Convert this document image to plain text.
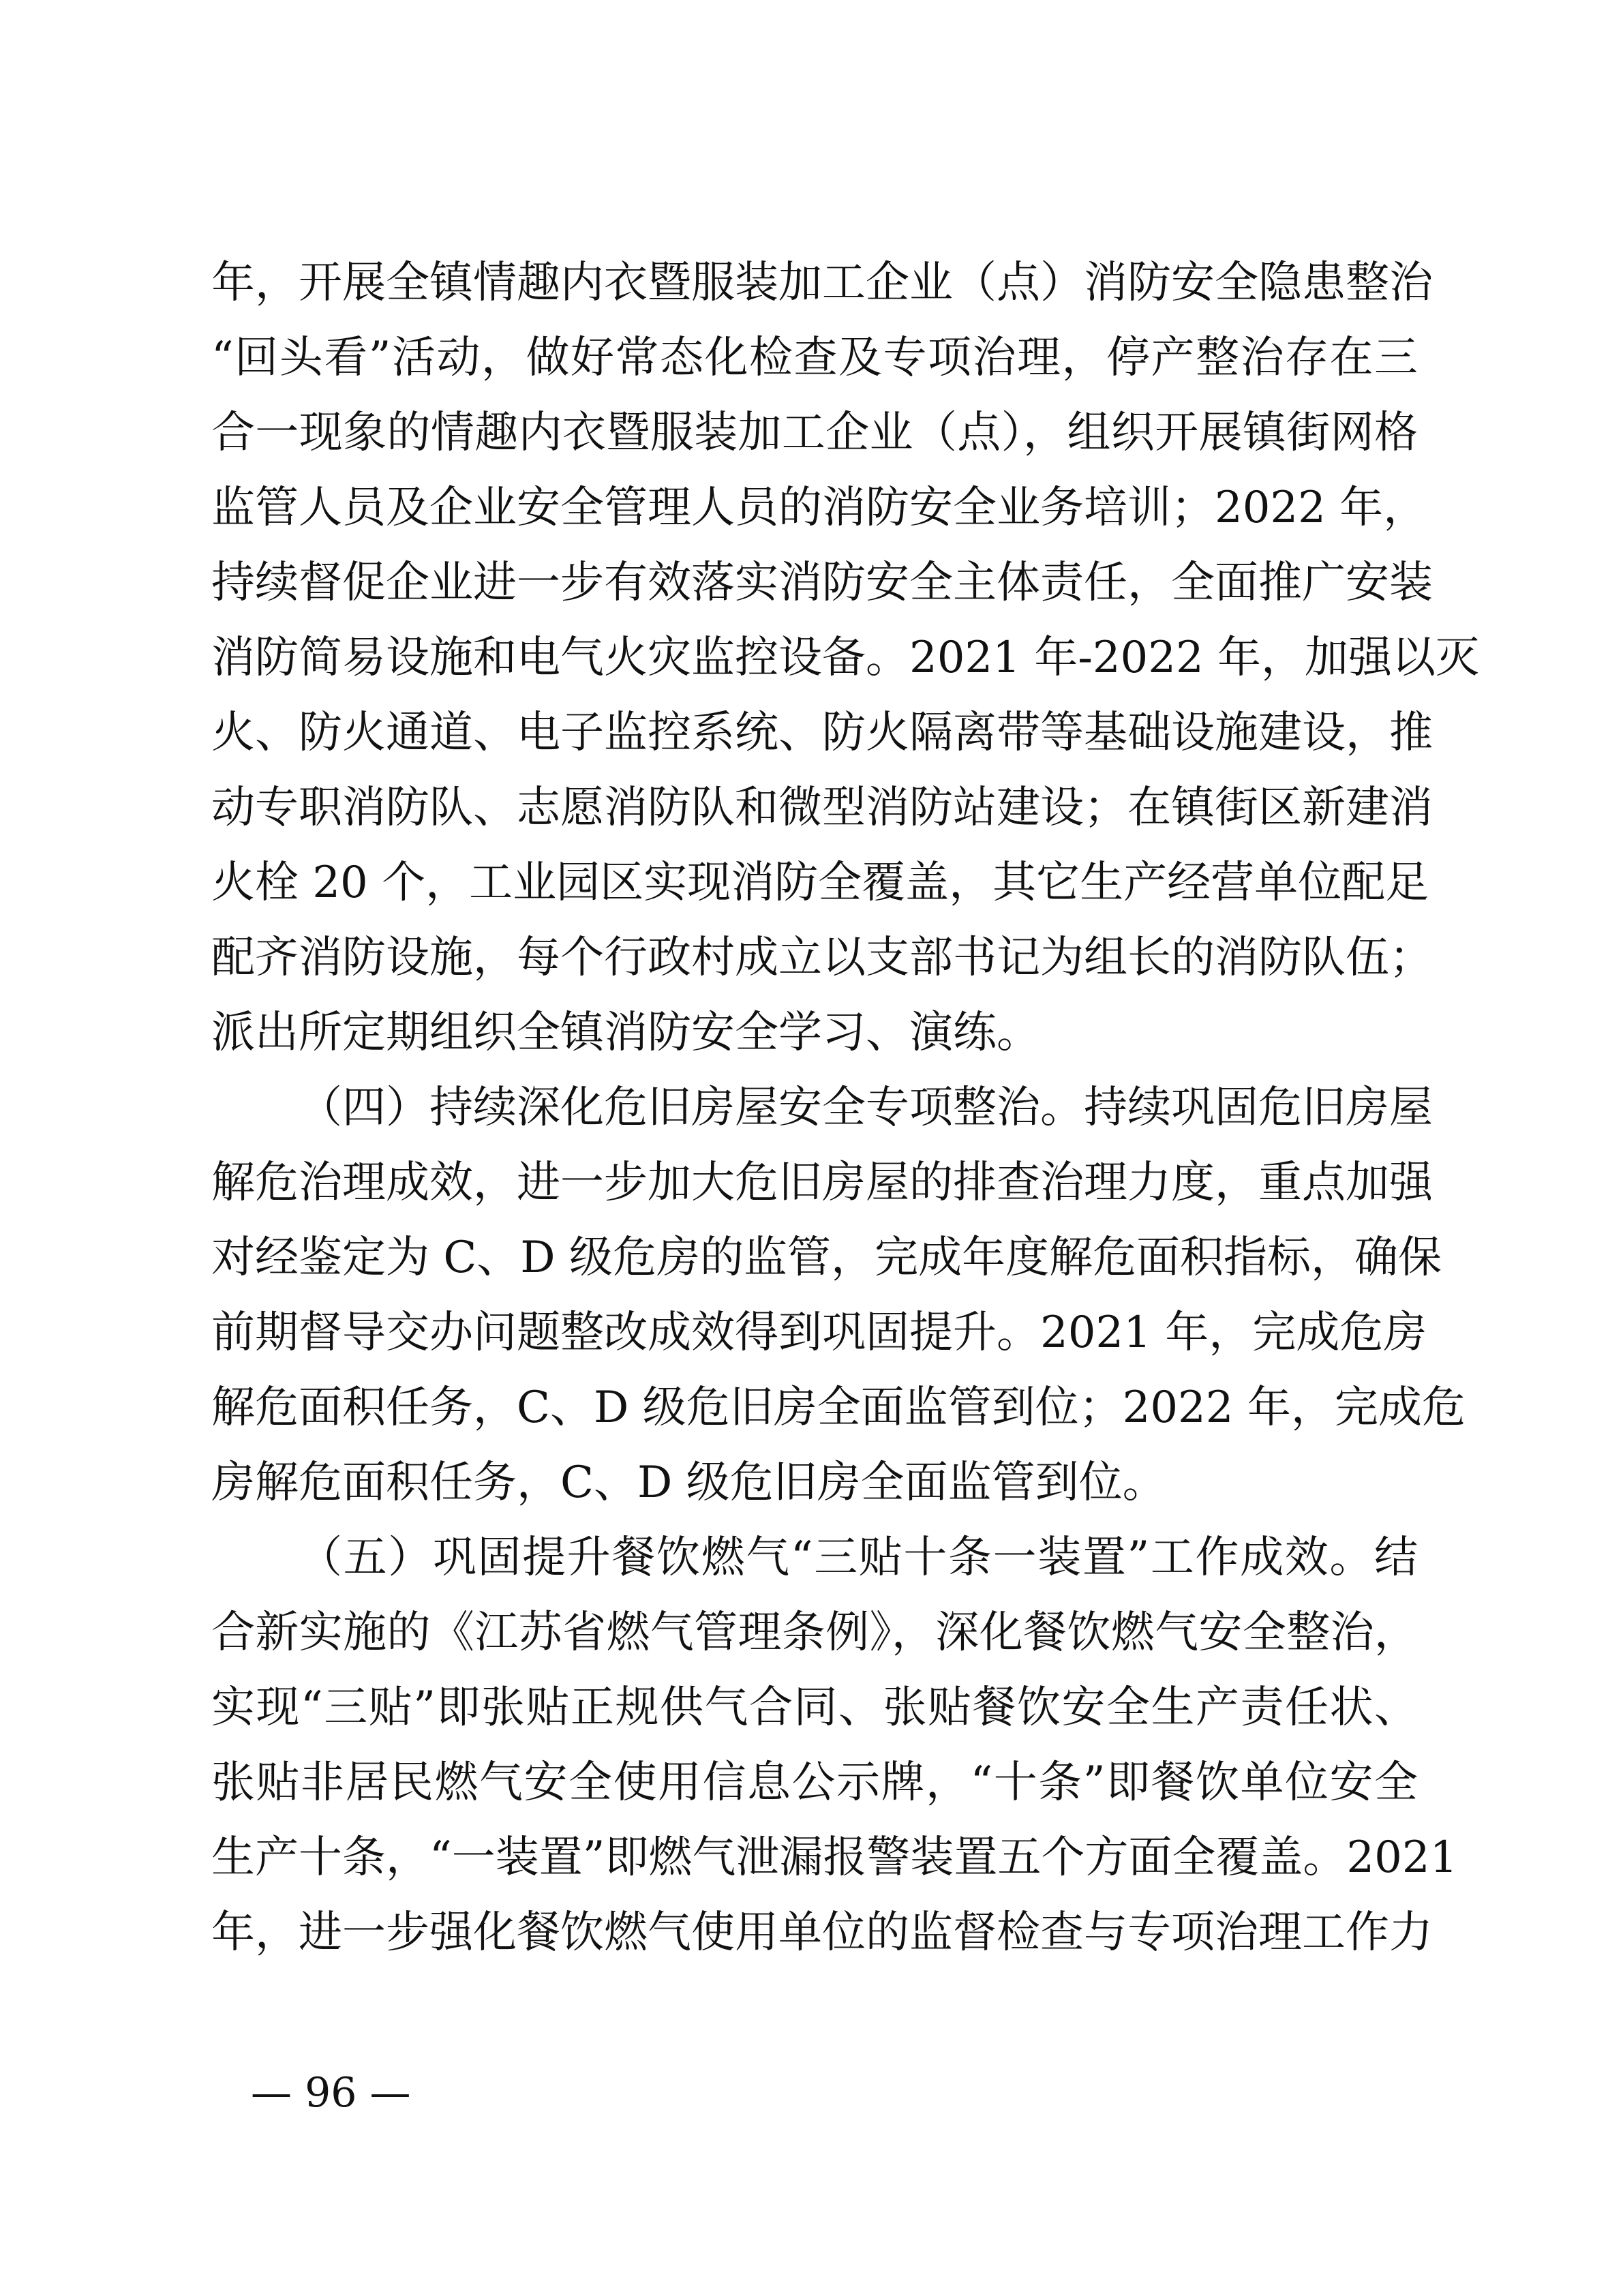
年，开展全镇情趣内衣暨服装加工企业（点）消防安全隐患整治
“回头看”活动，做好常态化检查及专项治理，停产整治存在三
合一现象的情趣内衣暨服装加工企业（点），组织开展镇街网格
监管人员及企业安全管理人员的消防安全业务培训；2022 年，
持续督促企业进一步有效落实消防安全主体责任，全面推广安装
消防简易设施和电气火灾监控设备。2021 年-2022 年，加强以灭
火、防火通道、电子监控系统、防火隔离带等基础设施建设，推
动专职消防队、志愿消防队和微型消防站建设；在镇街区新建消
火栓 20 个，工业园区实现消防全覆盖，其它生产经营单位配足
配齐消防设施，每个行政村成立以支部书记为组长的消防队伍；
派出所定期组织全镇消防安全学习、演练。
（四）持续深化危旧房屋安全专项整治。持续巩固危旧房屋
解危治理成效，进一步加大危旧房屋的排查治理力度，重点加强
对经鉴定为 C、D 级危房的监管，完成年度解危面积指标，确保
前期督导交办问题整改成效得到巩固提升。2021 年，完成危房
解危面积任务，C、D 级危旧房全面监管到位；2022 年，完成危
房解危面积任务，C、D 级危旧房全面监管到位。
（五）巩固提升餐饮燃气“三贴十条一装置”工作成效。结
合新实施的《江苏省燃气管理条例》，深化餐饮燃气安全整治，
实现“三贴”即张贴正规供气合同、张贴餐饮安全生产责任状、
张贴非居民燃气安全使用信息公示牌，“十条”即餐饮单位安全
生产十条，“一装置”即燃气泄漏报警装置五个方面全覆盖。2021
年，进一步强化餐饮燃气使用单位的监督检查与专项治理工作力
— 96 —
